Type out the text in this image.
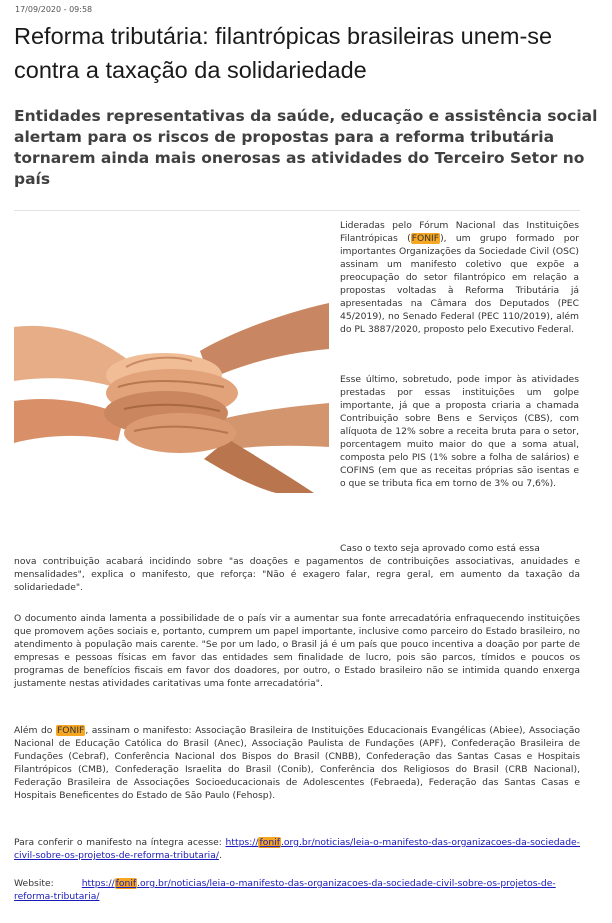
17/09/2020 - 09:58
Reforma tributária: filantrópicas brasileiras unem-se contra a taxação da solidariedade
Entidades representativas da saúde, educação e assistência social alertam para os riscos de propostas para a reforma tributária tornarem ainda mais onerosas as atividades do Terceiro Setor no país

Lideradas pelo Fórum Nacional das Instituições Filantrópicas (FONIF), um grupo formado por importantes Organizações da Sociedade Civil (OSC) assinam um manifesto coletivo que expõe a preocupação do setor filantrópico em relação a propostas voltadas à Reforma Tributária já apresentadas na Câmara dos Deputados (PEC 45/2019), no Senado Federal (PEC 110/2019), além do PL 3887/2020, proposto pelo Executivo Federal.

Esse último, sobretudo, pode impor às atividades prestadas por essas instituições um golpe importante, já que a proposta criaria a chamada Contribuição sobre Bens e Serviços (CBS), com alíquota de 12% sobre a receita bruta para o setor, porcentagem muito maior do que a soma atual, composta pelo PIS (1% sobre a folha de salários) e COFINS (em que as receitas próprias são isentas e o que se tributa fica em torno de 3% ou 7,6%).

Caso o texto seja aprovado como está essa

nova contribuição acabará incidindo sobre "as doações e pagamentos de contribuições associativas, anuidades e mensalidades", explica o manifesto, que reforça: "Não é exagero falar, regra geral, em aumento da taxação da solidariedade".

O documento ainda lamenta a possibilidade de o país vir a aumentar sua fonte arrecadatória enfraquecendo instituições que promovem ações sociais e, portanto, cumprem um papel importante, inclusive como parceiro do Estado brasileiro, no atendimento à população mais carente. "Se por um lado, o Brasil já é um país que pouco incentiva a doação por parte de empresas e pessoas físicas em favor das entidades sem finalidade de lucro, pois são parcos, tímidos e poucos os programas de benefícios fiscais em favor dos doadores, por outro, o Estado brasileiro não se intimida quando enxerga justamente nestas atividades caritativas uma fonte arrecadatória".

Além do FONIF, assinam o manifesto: Associação Brasileira de Instituições Educacionais Evangélicas (Abiee), Associação Nacional de Educação Católica do Brasil (Anec), Associação Paulista de Fundações (APF), Confederação Brasileira de Fundações (Cebraf), Conferência Nacional dos Bispos do Brasil (CNBB), Confederação das Santas Casas e Hospitais Filantrópicos (CMB), Confederação Israelita do Brasil (Conib), Conferência dos Religiosos do Brasil (CRB Nacional), Federação Brasileira de Associações Socioeducacionais de Adolescentes (Febraeda), Federação das Santas Casas e Hospitais Beneficentes do Estado de São Paulo (Fehosp).

Para conferir o manifesto na íntegra acesse: https://fonif.org.br/noticias/leia-o-manifesto-das-organizacoes-da-sociedade-civil-sobre-os-projetos-de-reforma-tributaria/.

Website:	https://fonif.org.br/noticias/leia-o-manifesto-das-organizacoes-da-sociedade-civil-sobre-os-projetos-de-reforma-tributaria/
